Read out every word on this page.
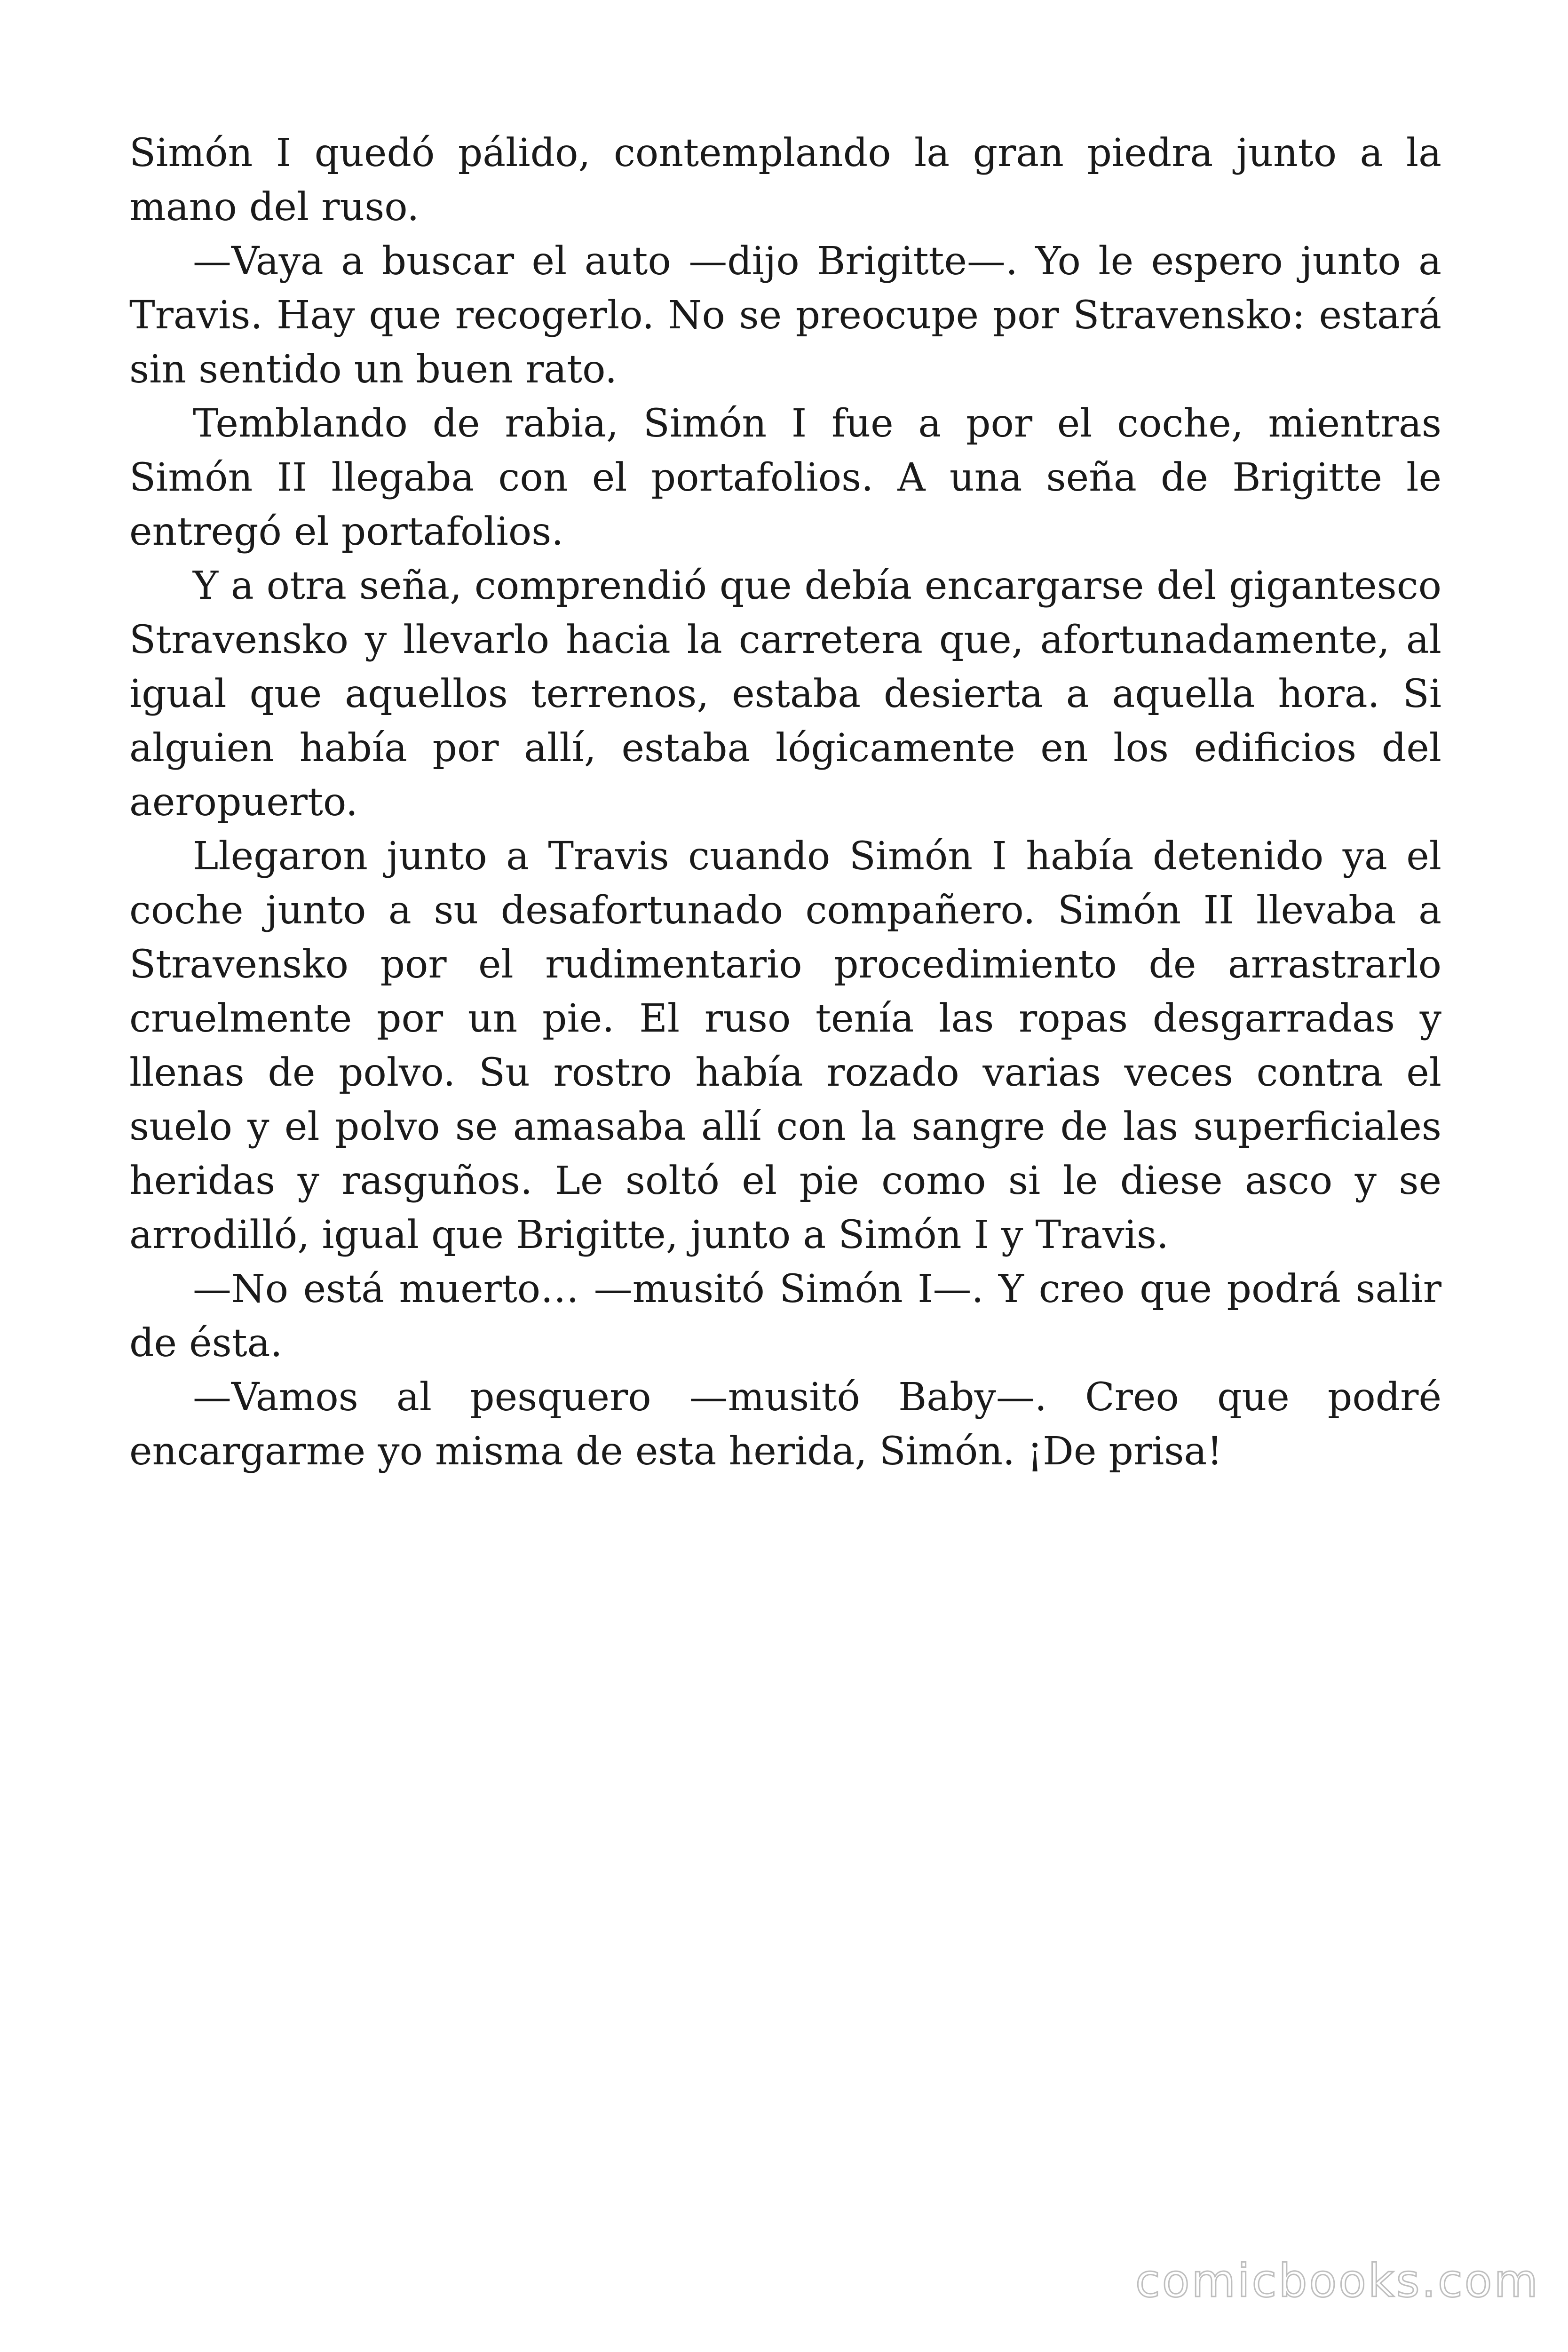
Simón I quedó pálido, contemplando la gran piedra junto a la mano del ruso.

—Vaya a buscar el auto —dijo Brigitte—. Yo le espero junto a Travis. Hay que recogerlo. No se preocupe por Stravensko: estará sin sentido un buen rato.

Temblando de rabia, Simón I fue a por el coche, mientras Simón II llegaba con el portafolios. A una seña de Brigitte le entregó el portafolios.

Y a otra seña, comprendió que debía encargarse del gigantesco Stravensko y llevarlo hacia la carretera que, afortunadamente, al igual que aquellos terrenos, estaba desierta a aquella hora. Si alguien había por allí, estaba lógicamente en los edificios del aeropuerto.

Llegaron junto a Travis cuando Simón I había detenido ya el coche junto a su desafortunado compañero. Simón II llevaba a Stravensko por el rudimentario procedimiento de arrastrarlo cruelmente por un pie. El ruso tenía las ropas desgarradas y llenas de polvo. Su rostro había rozado varias veces contra el suelo y el polvo se amasaba allí con la sangre de las superficiales heridas y rasguños. Le soltó el pie como si le diese asco y se arrodilló, igual que Brigitte, junto a Simón I y Travis.

—No está muerto… —musitó Simón I—. Y creo que podrá salir de ésta.

—Vamos al pesquero —musitó Baby—. Creo que podré encargarme yo misma de esta herida, Simón. ¡De prisa!

comicbooks.com
